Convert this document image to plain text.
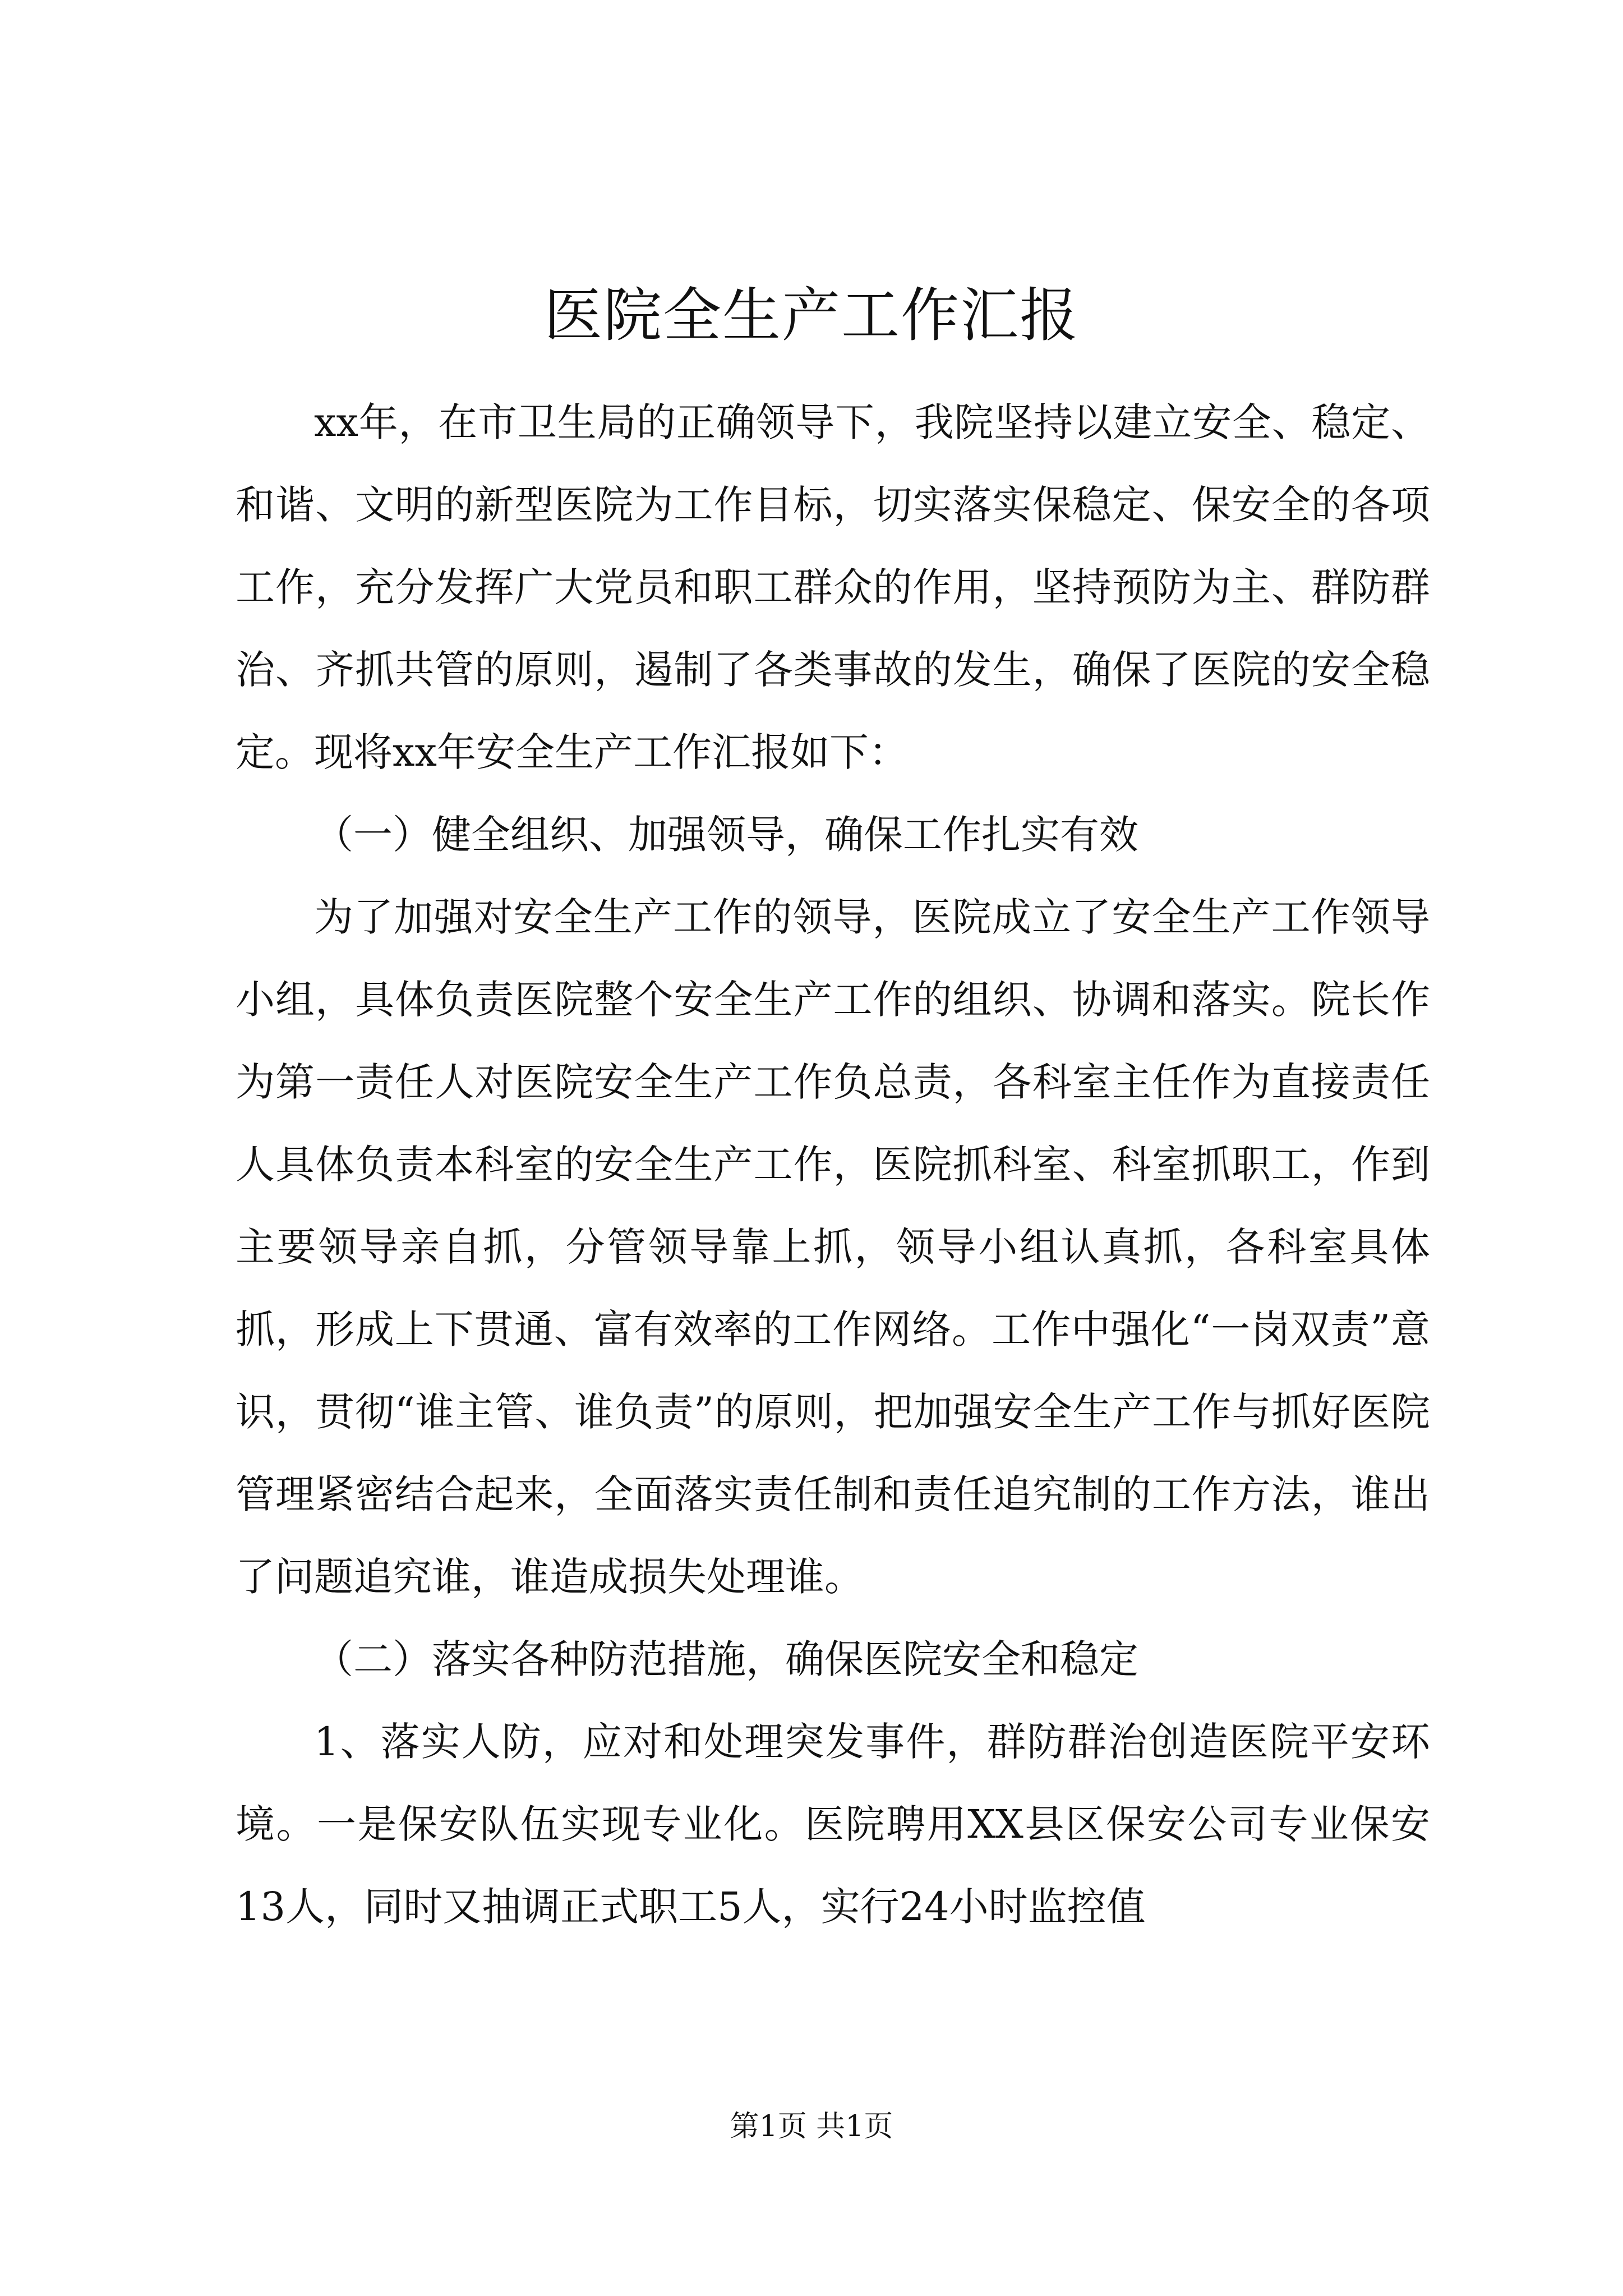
医院全生产工作汇报

xx年，在市卫生局的正确领导下，我院坚持以建立安全、稳定、和谐、文明的新型医院为工作目标，切实落实保稳定、保安全的各项工作，充分发挥广大党员和职工群众的作用，坚持预防为主、群防群治、齐抓共管的原则，遏制了各类事故的发生，确保了医院的安全稳定。现将xx年安全生产工作汇报如下：

（一）健全组织、加强领导，确保工作扎实有效

为了加强对安全生产工作的领导，医院成立了安全生产工作领导小组，具体负责医院整个安全生产工作的组织、协调和落实。院长作为第一责任人对医院安全生产工作负总责，各科室主任作为直接责任人具体负责本科室的安全生产工作，医院抓科室、科室抓职工，作到主要领导亲自抓，分管领导靠上抓，领导小组认真抓，各科室具体抓，形成上下贯通、富有效率的工作网络。工作中强化“一岗双责”意识，贯彻“谁主管、谁负责”的原则，把加强安全生产工作与抓好医院管理紧密结合起来，全面落实责任制和责任追究制的工作方法，谁出了问题追究谁，谁造成损失处理谁。

（二）落实各种防范措施，确保医院安全和稳定

1、落实人防，应对和处理突发事件，群防群治创造医院平安环境。一是保安队伍实现专业化。医院聘用XX县区保安公司专业保安13人，同时又抽调正式职工5人，实行24小时监控值

第1页 共1页
